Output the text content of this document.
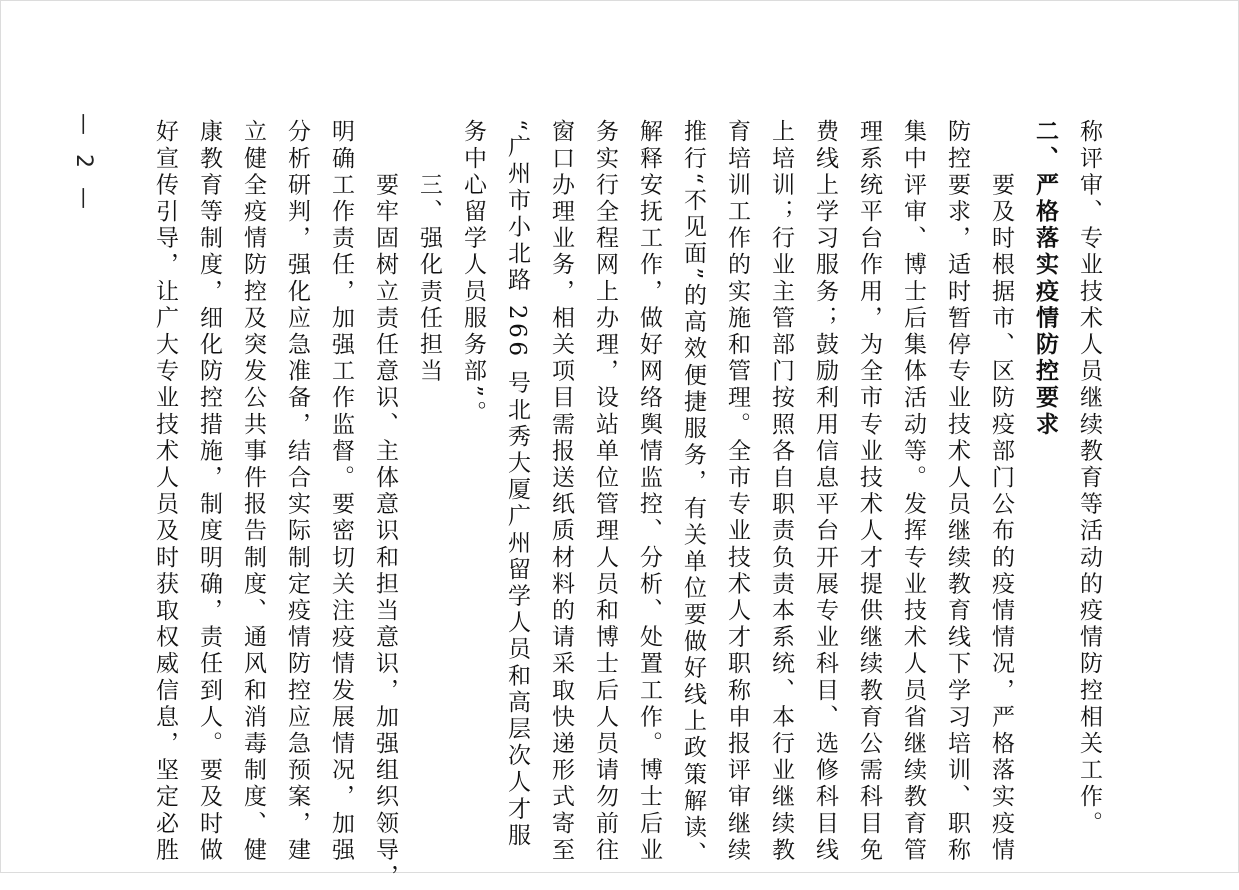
称评审、专业技术人员继续教育等活动的疫情防控相关工作。

二、严格落实疫情防控要求

　　要及时根据市、区防疫部门公布的疫情情况，严格落实疫情

防控要求，适时暂停专业技术人员继续教育线下学习培训、职称

集中评审、博士后集体活动等。发挥专业技术人员省继续教育管

理系统平台作用，为全市专业技术人才提供继续教育公需科目免

费线上学习服务；鼓励利用信息平台开展专业科目、选修科目线

上培训；行业主管部门按照各自职责负责本系统、本行业继续教

育培训工作的实施和管理。全市专业技术人才职称申报评审继续

推行“不见面”的高效便捷服务，有关单位要做好线上政策解读、

解释安抚工作，做好网络舆情监控、分析、处置工作。博士后业

务实行全程网上办理，设站单位管理人员和博士后人员请勿前往

窗口办理业务，相关项目需报送纸质材料的请采取快递形式寄至

“广州市小北路 266 号北秀大厦广州留学人员和高层次人才服

务中心留学人员服务部”。

　　三、强化责任担当

　　要牢固树立责任意识、主体意识和担当意识，加强组织领导，

明确工作责任，加强工作监督。要密切关注疫情发展情况，加强

分析研判，强化应急准备，结合实际制定疫情防控应急预案，建

立健全疫情防控及突发公共事件报告制度、通风和消毒制度、健

康教育等制度，细化防控措施，制度明确，责任到人。要及时做

好宣传引导，让广大专业技术人员及时获取权威信息，坚定必胜

— 2 —
